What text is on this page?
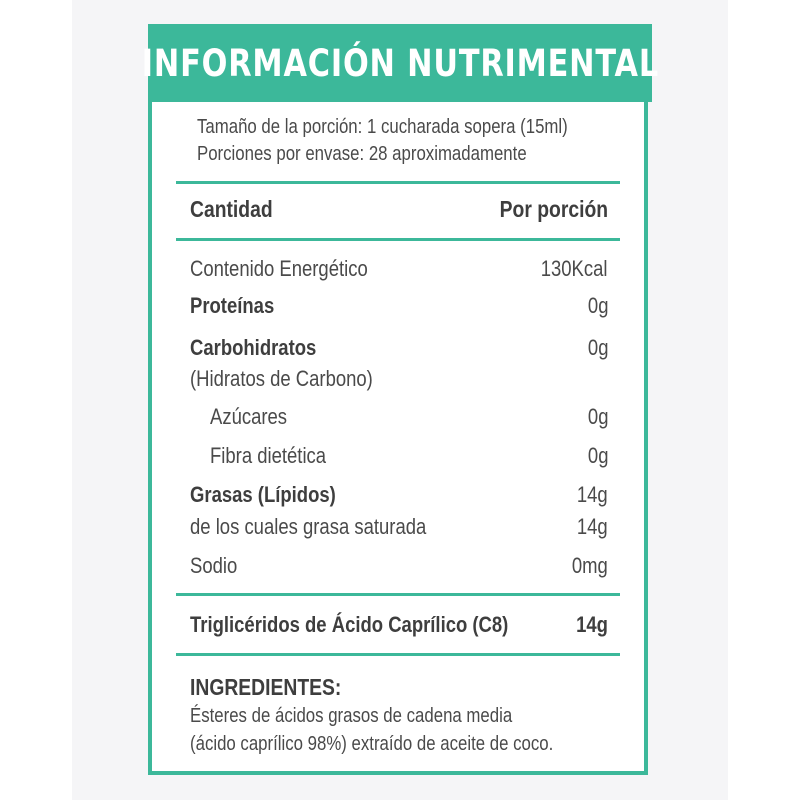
INFORMACIÓN NUTRIMENTAL
Tamaño de la porción: 1 cucharada sopera (15ml)
Porciones por envase: 28 aproximadamente
Cantidad	Por porción
Contenido Energético	130Kcal
Proteínas	0g
Carbohidratos	0g
(Hidratos de Carbono)
Azúcares	0g
Fibra dietética	0g
Grasas (Lípidos)	14g
de los cuales grasa saturada	14g
Sodio	0mg
Triglicéridos de Ácido Caprílico (C8)	14g
INGREDIENTES:
Ésteres de ácidos grasos de cadena media
(ácido caprílico 98%) extraído de aceite de coco.
